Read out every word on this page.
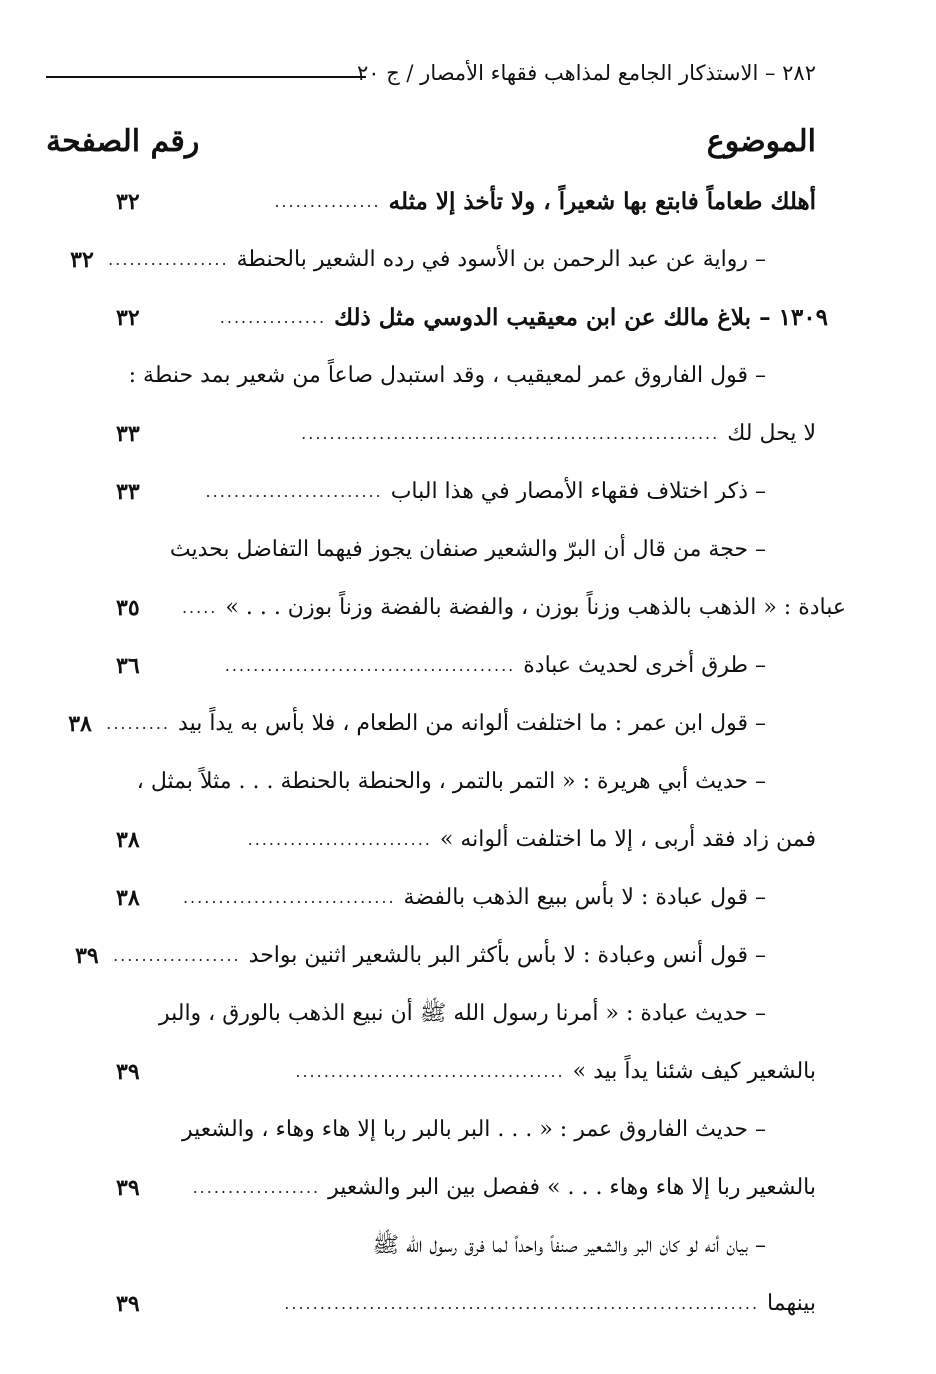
٢٨٢ – الاستذكار الجامع لمذاهب فقهاء الأمصار / ج ٢٠
الموضوع
رقم الصفحة
أهلك طعاماً فابتع بها شعيراً ، ولا تأخذ إلا مثله
...............
٣٢
– رواية عن عبد الرحمن بن الأسود في رده الشعير بالحنطة
.................
٣٢
١٣٠٩ – بلاغ مالك عن ابن معيقيب الدوسي مثل ذلك
...............
٣٢
– قول الفاروق عمر لمعيقيب ، وقد استبدل صاعاً من شعير بمد حنطة :
لا يحل لك
...........................................................
٣٣
– ذكر اختلاف فقهاء الأمصار في هذا الباب
.........................
٣٣
– حجة من قال أن البرّ والشعير صنفان يجوز فيهما التفاضل بحديث
عبادة : « الذهب بالذهب وزناً بوزن ، والفضة بالفضة وزناً بوزن . . . »
.....
٣٥
– طرق أخرى لحديث عبادة
.........................................
٣٦
– قول ابن عمر : ما اختلفت ألوانه من الطعام ، فلا بأس به يداً بيد
.........
٣٨
– حديث أبي هريرة : « التمر بالتمر ، والحنطة بالحنطة . . . مثلاً بمثل ،
فمن زاد فقد أربى ، إلا ما اختلفت ألوانه »
..........................
٣٨
– قول عبادة : لا بأس ببيع الذهب بالفضة
..............................
٣٨
– قول أنس وعبادة : لا بأس بأكثر البر بالشعير اثنين بواحد
..................
٣٩
– حديث عبادة : « أمرنا رسول الله ﷺ أن نبيع الذهب بالورق ، والبر
بالشعير كيف شئنا يداً بيد »
......................................
٣٩
– حديث الفاروق عمر : « . . . البر بالبر ربا إلا هاء وهاء ، والشعير
بالشعير ربا إلا هاء وهاء . . . » ففصل بين البر والشعير
..................
٣٩
– بيان أنه لو كان البر والشعير صنفاً واحداً لما فرق رسول الله ﷺ
بينهما
...................................................................
٣٩
